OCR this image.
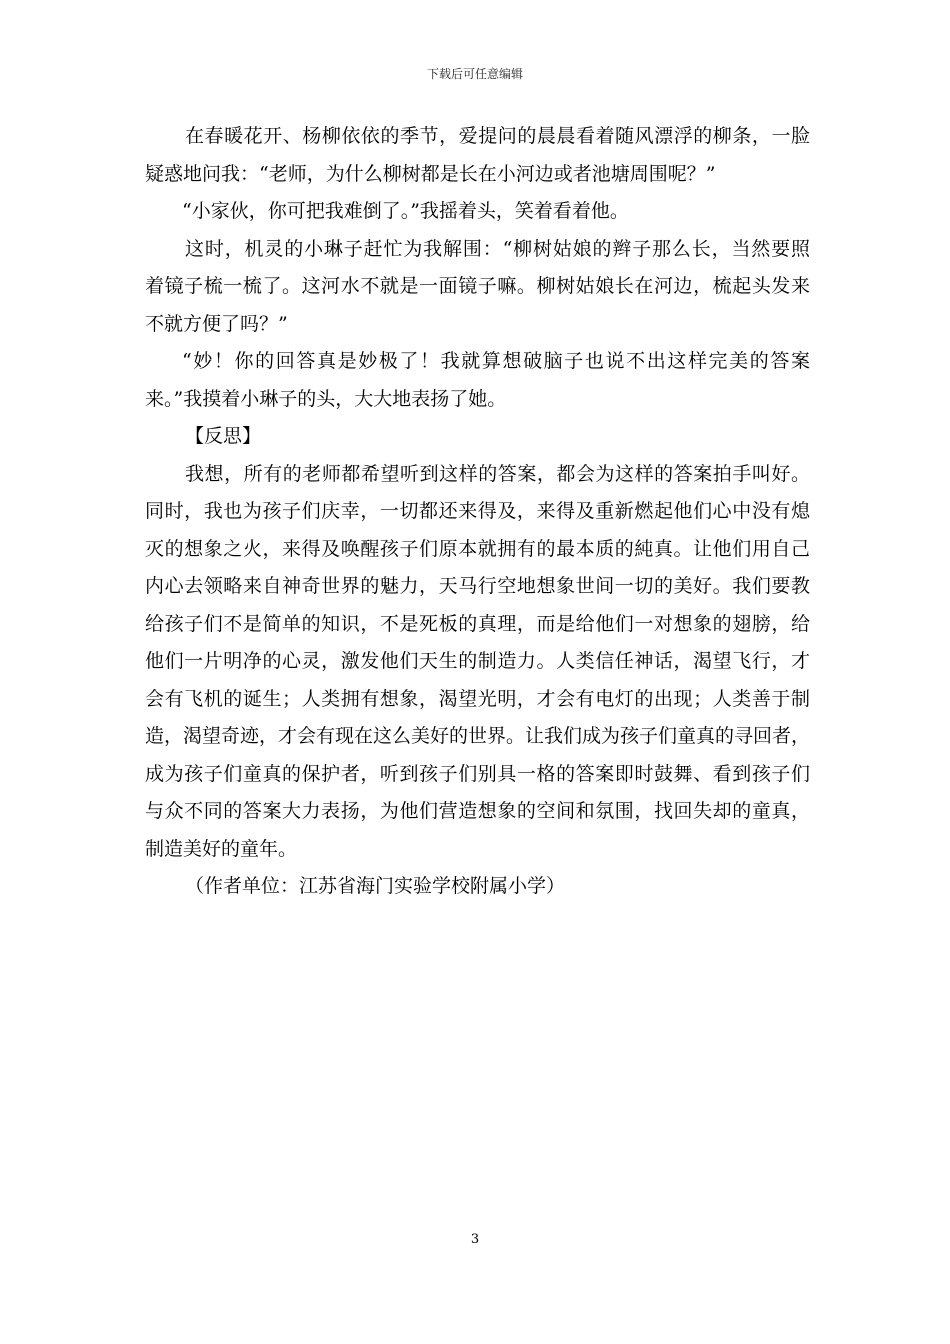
下载后可任意编辑
在春暖花开、杨柳依依的季节，爱提问的晨晨看着随风漂浮的柳条，一脸
疑惑地问我：“老师，为什么柳树都是长在小河边或者池塘周围呢？”
“小家伙，你可把我难倒了。”我摇着头，笑着看着他。
这时，机灵的小琳子赶忙为我解围：“柳树姑娘的辫子那么长，当然要照
着镜子梳一梳了。这河水不就是一面镜子嘛。柳树姑娘长在河边，梳起头发来
不就方便了吗？”
“妙！你的回答真是妙极了！我就算想破脑子也说不出这样完美的答案
来。”我摸着小琳子的头，大大地表扬了她。
【反思】
我想，所有的老师都希望听到这样的答案，都会为这样的答案拍手叫好。
同时，我也为孩子们庆幸，一切都还来得及，来得及重新燃起他们心中没有熄
灭的想象之火，来得及唤醒孩子们原本就拥有的最本质的純真。让他们用自己
内心去领略来自神奇世界的魅力，天马行空地想象世间一切的美好。我们要教
给孩子们不是简单的知识，不是死板的真理，而是给他们一对想象的翅膀，给
他们一片明净的心灵，激发他们天生的制造力。人类信任神话，渴望飞行，才
会有飞机的诞生；人类拥有想象，渴望光明，才会有电灯的出现；人类善于制
造，渴望奇迹，才会有现在这么美好的世界。让我们成为孩子们童真的寻回者，
成为孩子们童真的保护者，听到孩子们别具一格的答案即时鼓舞、看到孩子们
与众不同的答案大力表扬，为他们营造想象的空间和氛围，找回失却的童真，
制造美好的童年。
（作者单位：江苏省海门实验学校附属小学）
3
